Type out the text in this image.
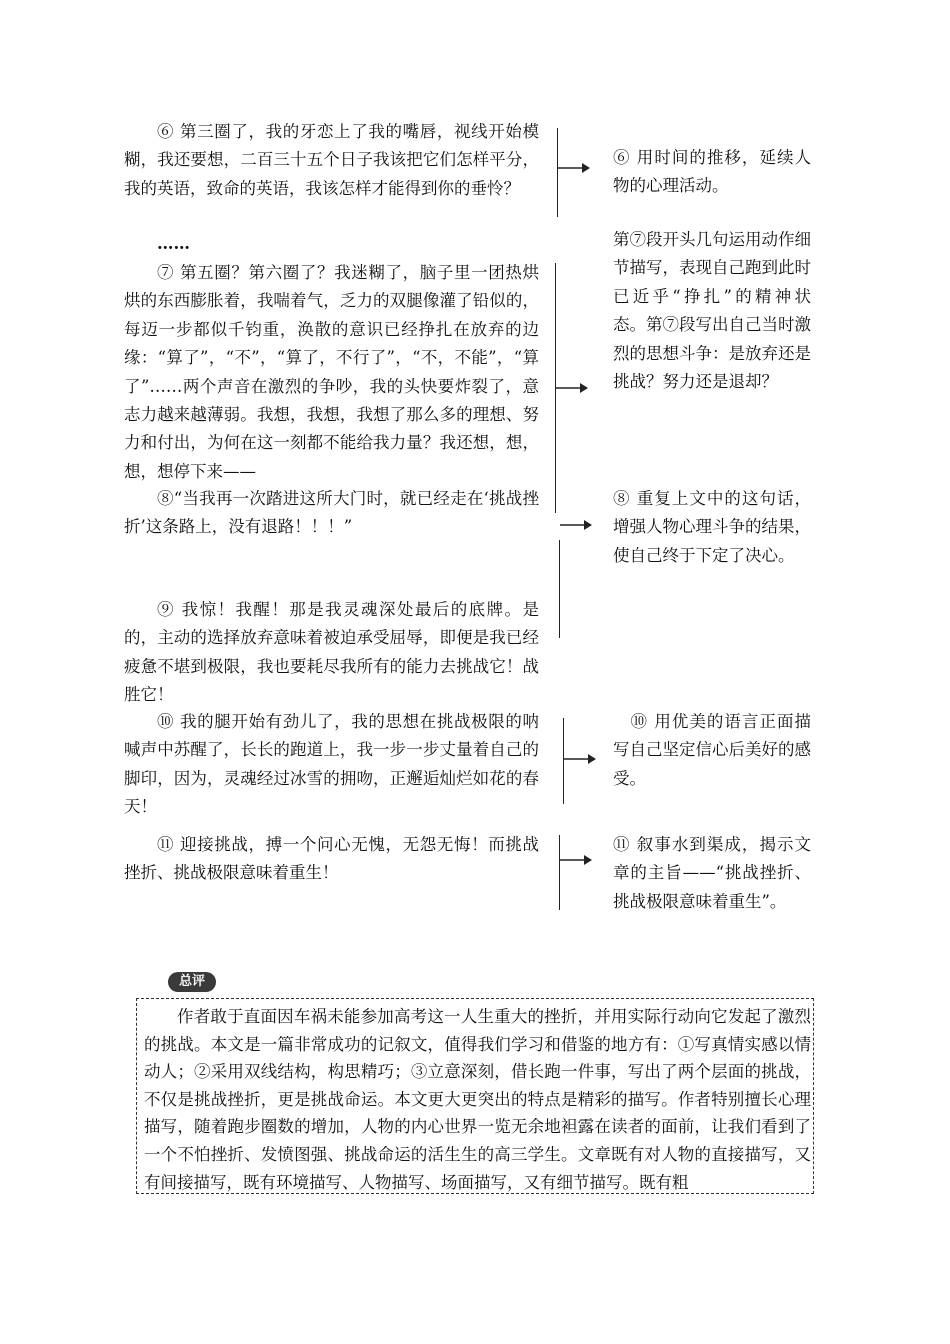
⑥ 第三圈了，我的牙恋上了我的嘴唇，视线开始模糊，我还要想，二百三十五个日子我该把它们怎样平分，我的英语，致命的英语，我该怎样才能得到你的垂怜？

……

⑦ 第五圈？第六圈了？我迷糊了，脑子里一团热烘烘的东西膨胀着，我喘着气，乏力的双腿像灌了铅似的，每迈一步都似千钧重，涣散的意识已经挣扎在放弃的边缘：“算了”，“不”，“算了，不行了”，“不，不能”，“算了”……两个声音在激烈的争吵，我的头快要炸裂了，意志力越来越薄弱。我想，我想，我想了那么多的理想、努力和付出，为何在这一刻都不能给我力量？我还想，想，想，想停下来——

⑧“当我再一次踏进这所大门时，就已经走在‘挑战挫折’这条路上，没有退路！！！”

⑨ 我惊！我醒！那是我灵魂深处最后的底牌。是的，主动的选择放弃意味着被迫承受屈辱，即便是我已经疲惫不堪到极限，我也要耗尽我所有的能力去挑战它！战胜它！

⑩ 我的腿开始有劲儿了，我的思想在挑战极限的呐喊声中苏醒了，长长的跑道上，我一步一步丈量着自己的脚印，因为，灵魂经过冰雪的拥吻，正邂逅灿烂如花的春天！

⑪ 迎接挑战，搏一个问心无愧，无怨无悔！而挑战挫折、挑战极限意味着重生！

⑥ 用时间的推移，延续人物的心理活动。

第⑦段开头几句运用动作细节描写，表现自己跑到此时已近乎“挣扎”的精神状态。第⑦段写出自己当时激烈的思想斗争：是放弃还是挑战？努力还是退却？

⑧ 重复上文中的这句话，增强人物心理斗争的结果，使自己终于下定了决心。

　⑩ 用优美的语言正面描写自己坚定信心后美好的感受。

⑪ 叙事水到渠成，揭示文章的主旨——“挑战挫折、挑战极限意味着重生”。

总评

作者敢于直面因车祸未能参加高考这一人生重大的挫折，并用实际行动向它发起了激烈的挑战。本文是一篇非常成功的记叙文，值得我们学习和借鉴的地方有：①写真情实感以情动人；②采用双线结构，构思精巧；③立意深刻，借长跑一件事，写出了两个层面的挑战，不仅是挑战挫折，更是挑战命运。本文更大更突出的特点是精彩的描写。作者特别擅长心理描写，随着跑步圈数的增加，人物的内心世界一览无余地袒露在读者的面前，让我们看到了一个不怕挫折、发愤图强、挑战命运的活生生的高三学生。文章既有对人物的直接描写，又有间接描写，既有环境描写、人物描写、场面描写，又有细节描写。既有粗
